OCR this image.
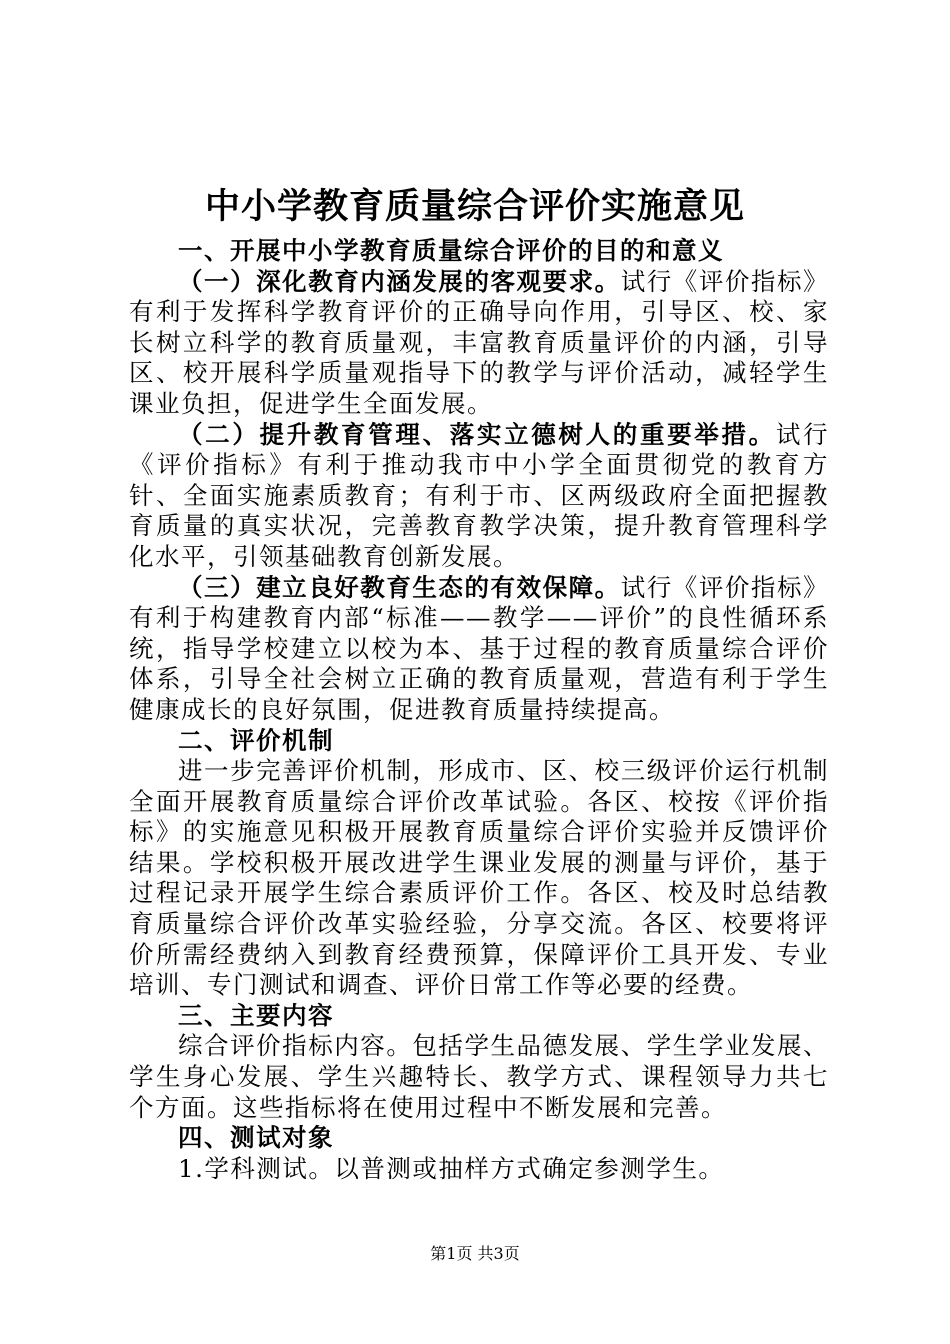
中小学教育质量综合评价实施意见
一、开展中小学教育质量综合评价的目的和意义

（一）深化教育内涵发展的客观要求。试行《评价指标》有利于发挥科学教育评价的正确导向作用，引导区、校、家长树立科学的教育质量观，丰富教育质量评价的内涵，引导区、校开展科学质量观指导下的教学与评价活动，减轻学生课业负担，促进学生全面发展。

（二）提升教育管理、落实立德树人的重要举措。试行《评价指标》有利于推动我市中小学全面贯彻党的教育方针、全面实施素质教育；有利于市、区两级政府全面把握教育质量的真实状况，完善教育教学决策，提升教育管理科学化水平，引领基础教育创新发展。

（三）建立良好教育生态的有效保障。试行《评价指标》有利于构建教育内部“标准——教学——评价”的良性循环系统，指导学校建立以校为本、基于过程的教育质量综合评价体系，引导全社会树立正确的教育质量观，营造有利于学生健康成长的良好氛围，促进教育质量持续提高。

二、评价机制

进一步完善评价机制，形成市、区、校三级评价运行机制全面开展教育质量综合评价改革试验。各区、校按《评价指标》的实施意见积极开展教育质量综合评价实验并反馈评价结果。学校积极开展改进学生课业发展的测量与评价，基于过程记录开展学生综合素质评价工作。各区、校及时总结教育质量综合评价改革实验经验，分享交流。各区、校要将评价所需经费纳入到教育经费预算，保障评价工具开发、专业培训、专门测试和调查、评价日常工作等必要的经费。

三、主要内容

综合评价指标内容。包括学生品德发展、学生学业发展、学生身心发展、学生兴趣特长、教学方式、课程领导力共七个方面。这些指标将在使用过程中不断发展和完善。

四、测试对象

1.学科测试。以普测或抽样方式确定参测学生。

第1页 共3页
